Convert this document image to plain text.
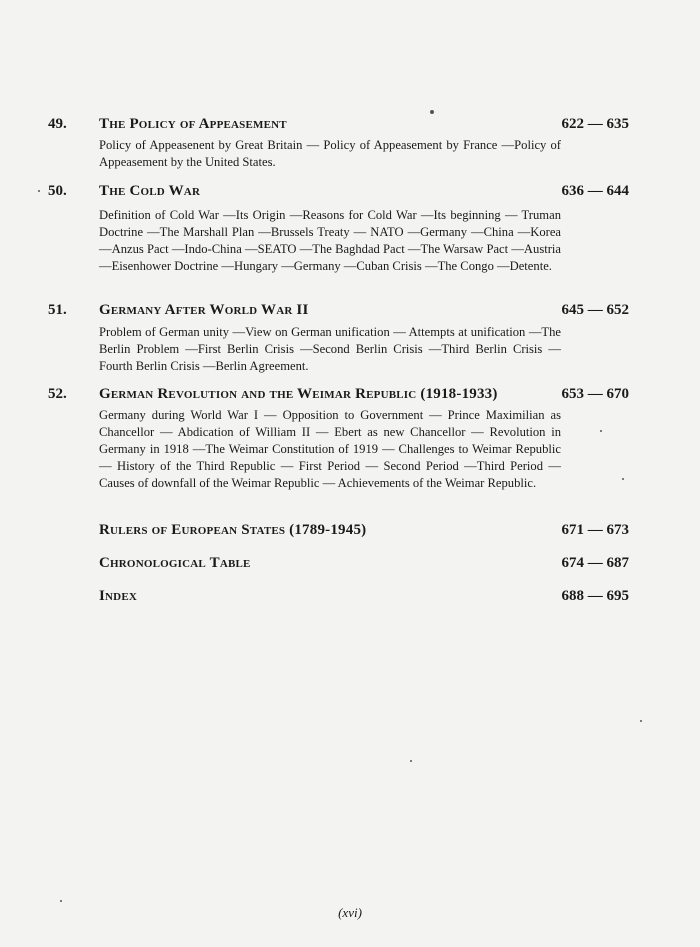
49. The Policy of Appeasement	622 — 635
Policy of Appeasenent by Great Britain — Policy of Appeasement by France —Policy of Appeasement by the United States.
50. The Cold War	636 — 644
Definition of Cold War —Its Origin —Reasons for Cold War —Its beginning — Truman Doctrine —The Marshall Plan —Brussels Treaty — NATO —Germany —China —Korea —Anzus Pact —Indo-China —SEATO —The Baghdad Pact —The Warsaw Pact —Austria —Eisenhower Doctrine —Hungary —Germany —Cuban Crisis —The Congo —Detente.
51. Germany After World War II	645 — 652
Problem of German unity —View on German unification — Attempts at unification —The Berlin Problem —First Berlin Crisis —Second Berlin Crisis —Third Berlin Crisis —Fourth Berlin Crisis —Berlin Agreement.
52. German Revolution and the Weimar Republic (1918-1933)	653 — 670
Germany during World War I — Opposition to Government — Prince Maximilian as Chancellor — Abdication of William II — Ebert as new Chancellor — Revolution in Germany in 1918 —The Weimar Constitution of 1919 — Challenges to Weimar Republic — History of the Third Republic — First Period — Second Period —Third Period —Causes of downfall of the Weimar Republic — Achievements of the Weimar Republic.
Rulers of European States (1789-1945)	671 — 673
Chronological Table	674 — 687
Index	688 — 695
(xvi)
